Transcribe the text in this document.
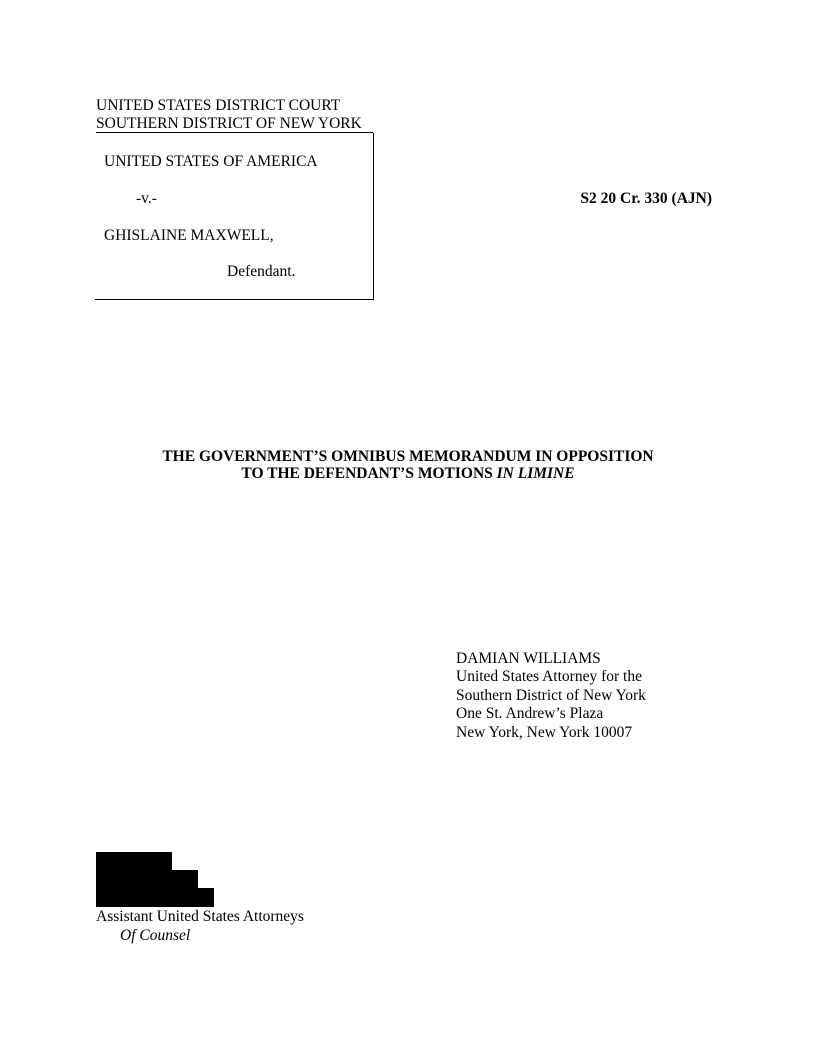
UNITED STATES DISTRICT COURT
SOUTHERN DISTRICT OF NEW YORK
UNITED STATES OF AMERICA
-v.-
GHISLAINE MAXWELL,
Defendant.
S2 20 Cr. 330 (AJN)
THE GOVERNMENT’S OMNIBUS MEMORANDUM IN OPPOSITION
TO THE DEFENDANT’S MOTIONS IN LIMINE
DAMIAN WILLIAMS
United States Attorney for the
Southern District of New York
One St. Andrew’s Plaza
New York, New York 10007
Assistant United States Attorneys
Of Counsel
